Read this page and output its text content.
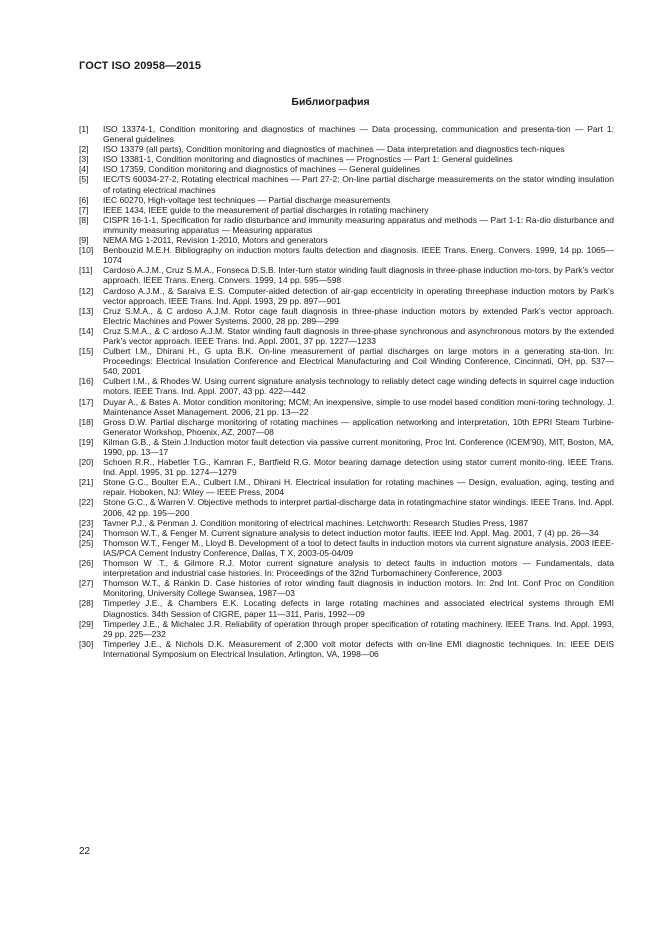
ГОСТ ISO 20958—2015
Библиография
[1] ISO 13374-1, Condition monitoring and diagnostics of machines — Data processing, communication and presenta-tion — Part 1: General guidelines
[2] ISO 13379 (all parts), Condition monitoring and diagnostics of machines — Data interpretation and diagnostics tech-niques
[3] ISO 13381-1, Condition monitoring and diagnostics of machines — Prognostics — Part 1: General guidelines
[4] ISO 17359, Condition monitoring and diagnostics of machines — General guidelines
[5] IEC/TS 60034-27-2, Rotating electrical machines — Part 27-2: On-line partial discharge measurements on the stator winding insulation of rotating electrical machines
[6] IEC 60270, High-voltage test techniques — Partial discharge measurements
[7] IEEE 1434, IEEE guide to the measurement of partial discharges in rotating machinery
[8] CISPR 16-1-1, Specification for radio disturbance and immunity measuring apparatus and methods — Part 1-1: Ra-dio disturbance and immunity measuring apparatus — Measuring apparatus
[9] NEMA MG 1-2011, Revision 1-2010, Motors and generators
[10] Benbouzid M.E.H. Bibliography on induction motors faults detection and diagnosis. IEEE Trans. Energ. Convers. 1999, 14 pp. 1065—1074
[11] Cardoso A.J.M., Cruz S.M.A., Fonseca D.S.B. Inter-turn stator winding fault diagnosis in three-phase induction mo-tors, by Park’s vector approach. IEEE Trans. Energ. Convers. 1999, 14 pp. 595—598
[12] Cardoso A.J.M., & Saraiva E.S. Computer-aided detection of air-gap eccentricity in operating threephase induction motors by Park’s vector approach. IEEE Trans. Ind. Appl. 1993, 29 pp. 897—901
[13] Cruz S.M.A., & C ardoso A.J.M. Rotor cage fault diagnosis in three-phase induction motors by extended Park’s vector approach. Electric Machines and Power Systems. 2000, 28 pp. 289—299
[14] Cruz S.M.A., & C ardoso A.J.M. Stator winding fault diagnosis in three-phase synchronous and asynchronous motors by the extended Park’s vector approach. IEEE Trans. Ind. Appl. 2001, 37 pp. 1227—1233
[15] Culbert I.M., Dhirani H., G upta B.K. On-line measurement of partial discharges on large motors in a generating sta-tion. In: Proceedings: Electrical Insulation Conference and Electrical Manufacturing and Coil Winding Conference, Cincinnati, OH, pp. 537—540, 2001
[16] Culbert I.M., & Rhodes W. Using current signature analysis technology to reliably detect cage winding defects in squirrel cage induction motors. IEEE Trans. Ind. Appl. 2007, 43 pp. 422—442
[17] Duyar A., & Bates A. Motor condition monitoring; MCM; An inexpensive, simple to use model based condition moni-toring technology. J. Maintenance Asset Management. 2006, 21 pp. 13—22
[18] Gross D.W. Partial discharge monitoring of rotating machines — application networking and interpretation, 10th EPRI Steam Turbine-Generator Workshop, Phoenix, AZ, 2007—08
[19] Kilman G.B., & Stein J.Induction motor fault detection via passive current monitoring, Proc Int. Conference (ICEM’90), MIT, Boston, MA, 1990, pp. 13—17
[20] Schoen R.R., Habetler T.G., Kamran F., Bartfield R.G. Motor bearing damage detection using stator current monito-ring. IEEE Trans. Ind. Appl. 1995, 31 pp. 1274—1279
[21] Stone G.C., Boulter E.A., Culbert I.M., Dhirani H. Electrical insulation for rotating machines — Design, evaluation, aging, testing and repair. Hoboken, NJ: Wiley — IEEE Press, 2004
[22] Stone G.C., & Warren V. Objective methods to interpret partial-discharge data in rotatingmachine stator windings. IEEE Trans. Ind. Appl. 2006, 42 pp. 195—200
[23] Tavner P.J., & Penman J. Condition monitoring of electrical machines. Letchworth: Research Studies Press, 1987
[24] Thomson W.T., & Fenger M. Current signature analysis to detect induction motor faults. IEEE Ind. Appl. Mag. 2001, 7 (4) pp. 26—34
[25] Thomson W.T., Fenger M., Lloyd B. Development of a tool to detect faults in induction motors via current signature analysis, 2003 IEEE-IAS/PCA Cement Industry Conference, Dallas, T X, 2003-05-04/09
[26] Thomson W .T., & Gilmore R.J. Motor current signature analysis to detect faults in induction motors — Fundamentals, data interpretation and industrial case histories. In: Proceedings of the 32nd Turbomachinery Conference, 2003
[27] Thomson W.T., & Rankin D. Case histories of rotor winding fault diagnosis in induction motors. In: 2nd Int. Conf Proc on Condition Monitoring, University College Swansea, 1987—03
[28] Timperley J.E., & Chambers E.K. Locating defects in large rotating machines and associated electrical systems through EMI Diagnostics. 34th Session of CIGRE, paper 11—311, Paris, 1992—09
[29] Timperley J.E., & Michalec J.R. Reliability of operation through proper specification of rotating machinery. IEEE Trans. Ind. Appl. 1993, 29 pp. 225—232
[30] Timperley J.E., & Nichols D.K. Measurement of 2,300 volt motor defects with on-line EMI diagnostic techniques. In: IEEE DEIS International Symposium on Electrical Insulation, Arlington, VA, 1998—06
22
